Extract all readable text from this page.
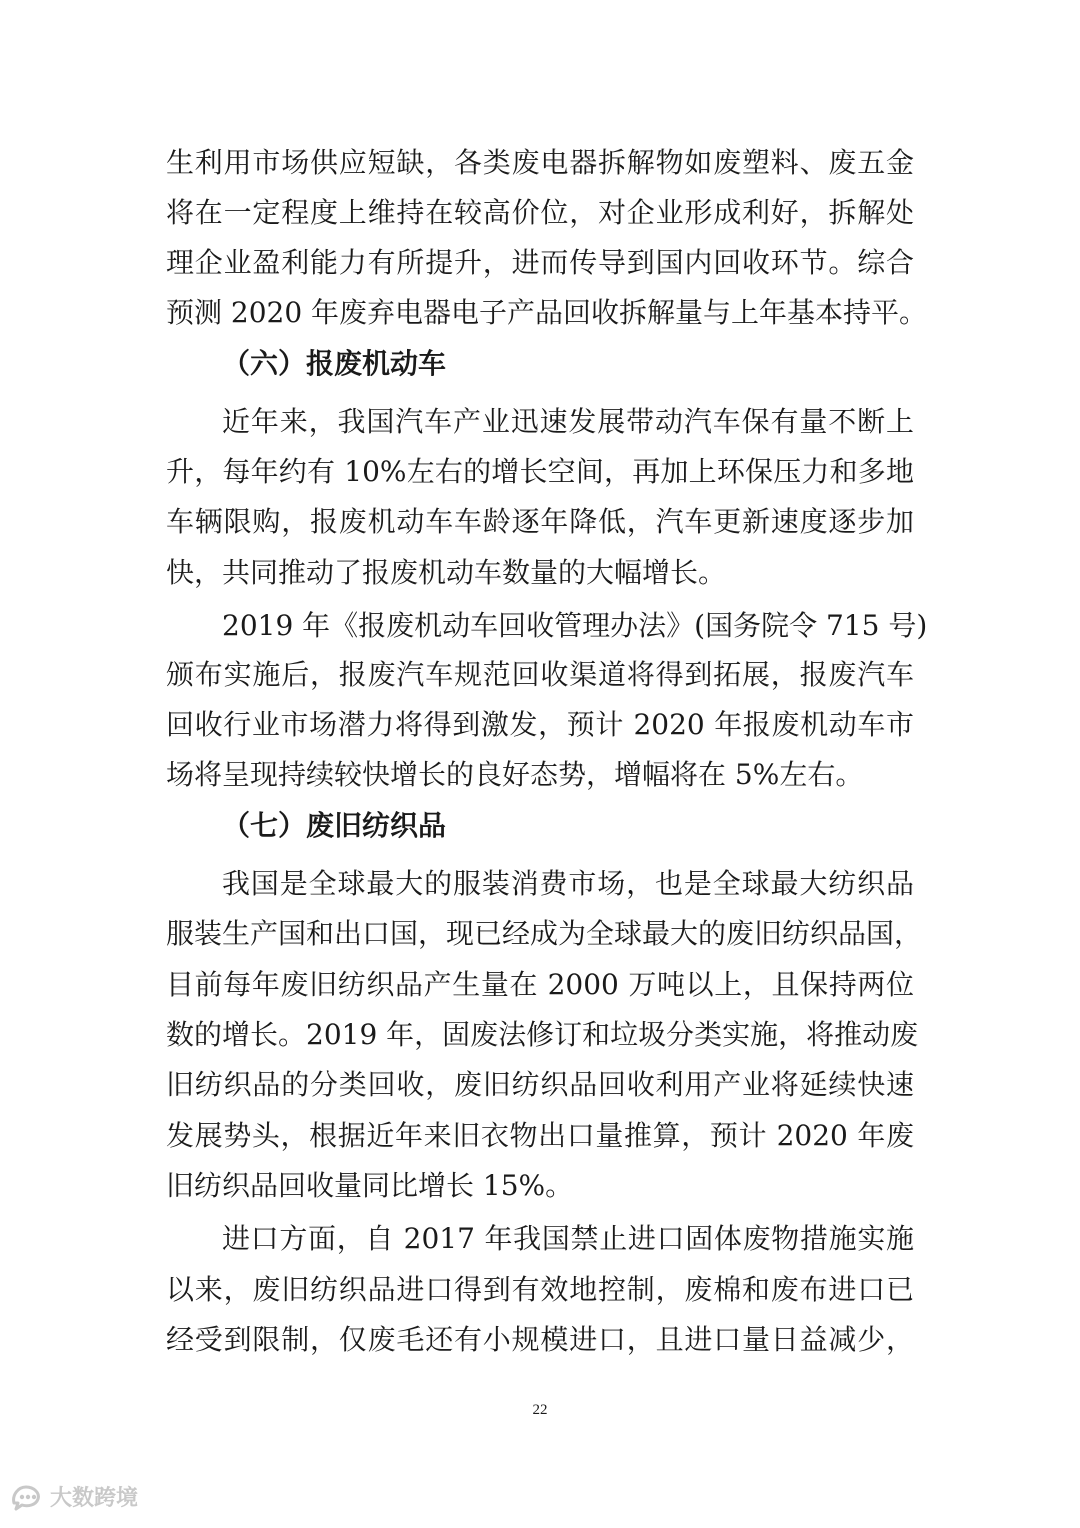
生利用市场供应短缺，各类废电器拆解物如废塑料、废五金
将在一定程度上维持在较高价位，对企业形成利好，拆解处
理企业盈利能力有所提升，进而传导到国内回收环节。综合
预测 2020 年废弃电器电子产品回收拆解量与上年基本持平。
（六）报废机动车
近年来，我国汽车产业迅速发展带动汽车保有量不断上
升，每年约有 10%左右的增长空间，再加上环保压力和多地
车辆限购，报废机动车车龄逐年降低，汽车更新速度逐步加
快，共同推动了报废机动车数量的大幅增长。
2019 年《报废机动车回收管理办法》(国务院令 715 号)
颁布实施后，报废汽车规范回收渠道将得到拓展，报废汽车
回收行业市场潜力将得到激发，预计 2020 年报废机动车市
场将呈现持续较快增长的良好态势，增幅将在 5%左右。
（七）废旧纺织品
我国是全球最大的服装消费市场，也是全球最大纺织品
服装生产国和出口国，现已经成为全球最大的废旧纺织品国，
目前每年废旧纺织品产生量在 2000 万吨以上，且保持两位
数的增长。2019 年，固废法修订和垃圾分类实施，将推动废
旧纺织品的分类回收，废旧纺织品回收利用产业将延续快速
发展势头，根据近年来旧衣物出口量推算，预计 2020 年废
旧纺织品回收量同比增长 15%。
进口方面，自 2017 年我国禁止进口固体废物措施实施
以来，废旧纺织品进口得到有效地控制，废棉和废布进口已
经受到限制，仅废毛还有小规模进口，且进口量日益减少，
22
大数跨境
